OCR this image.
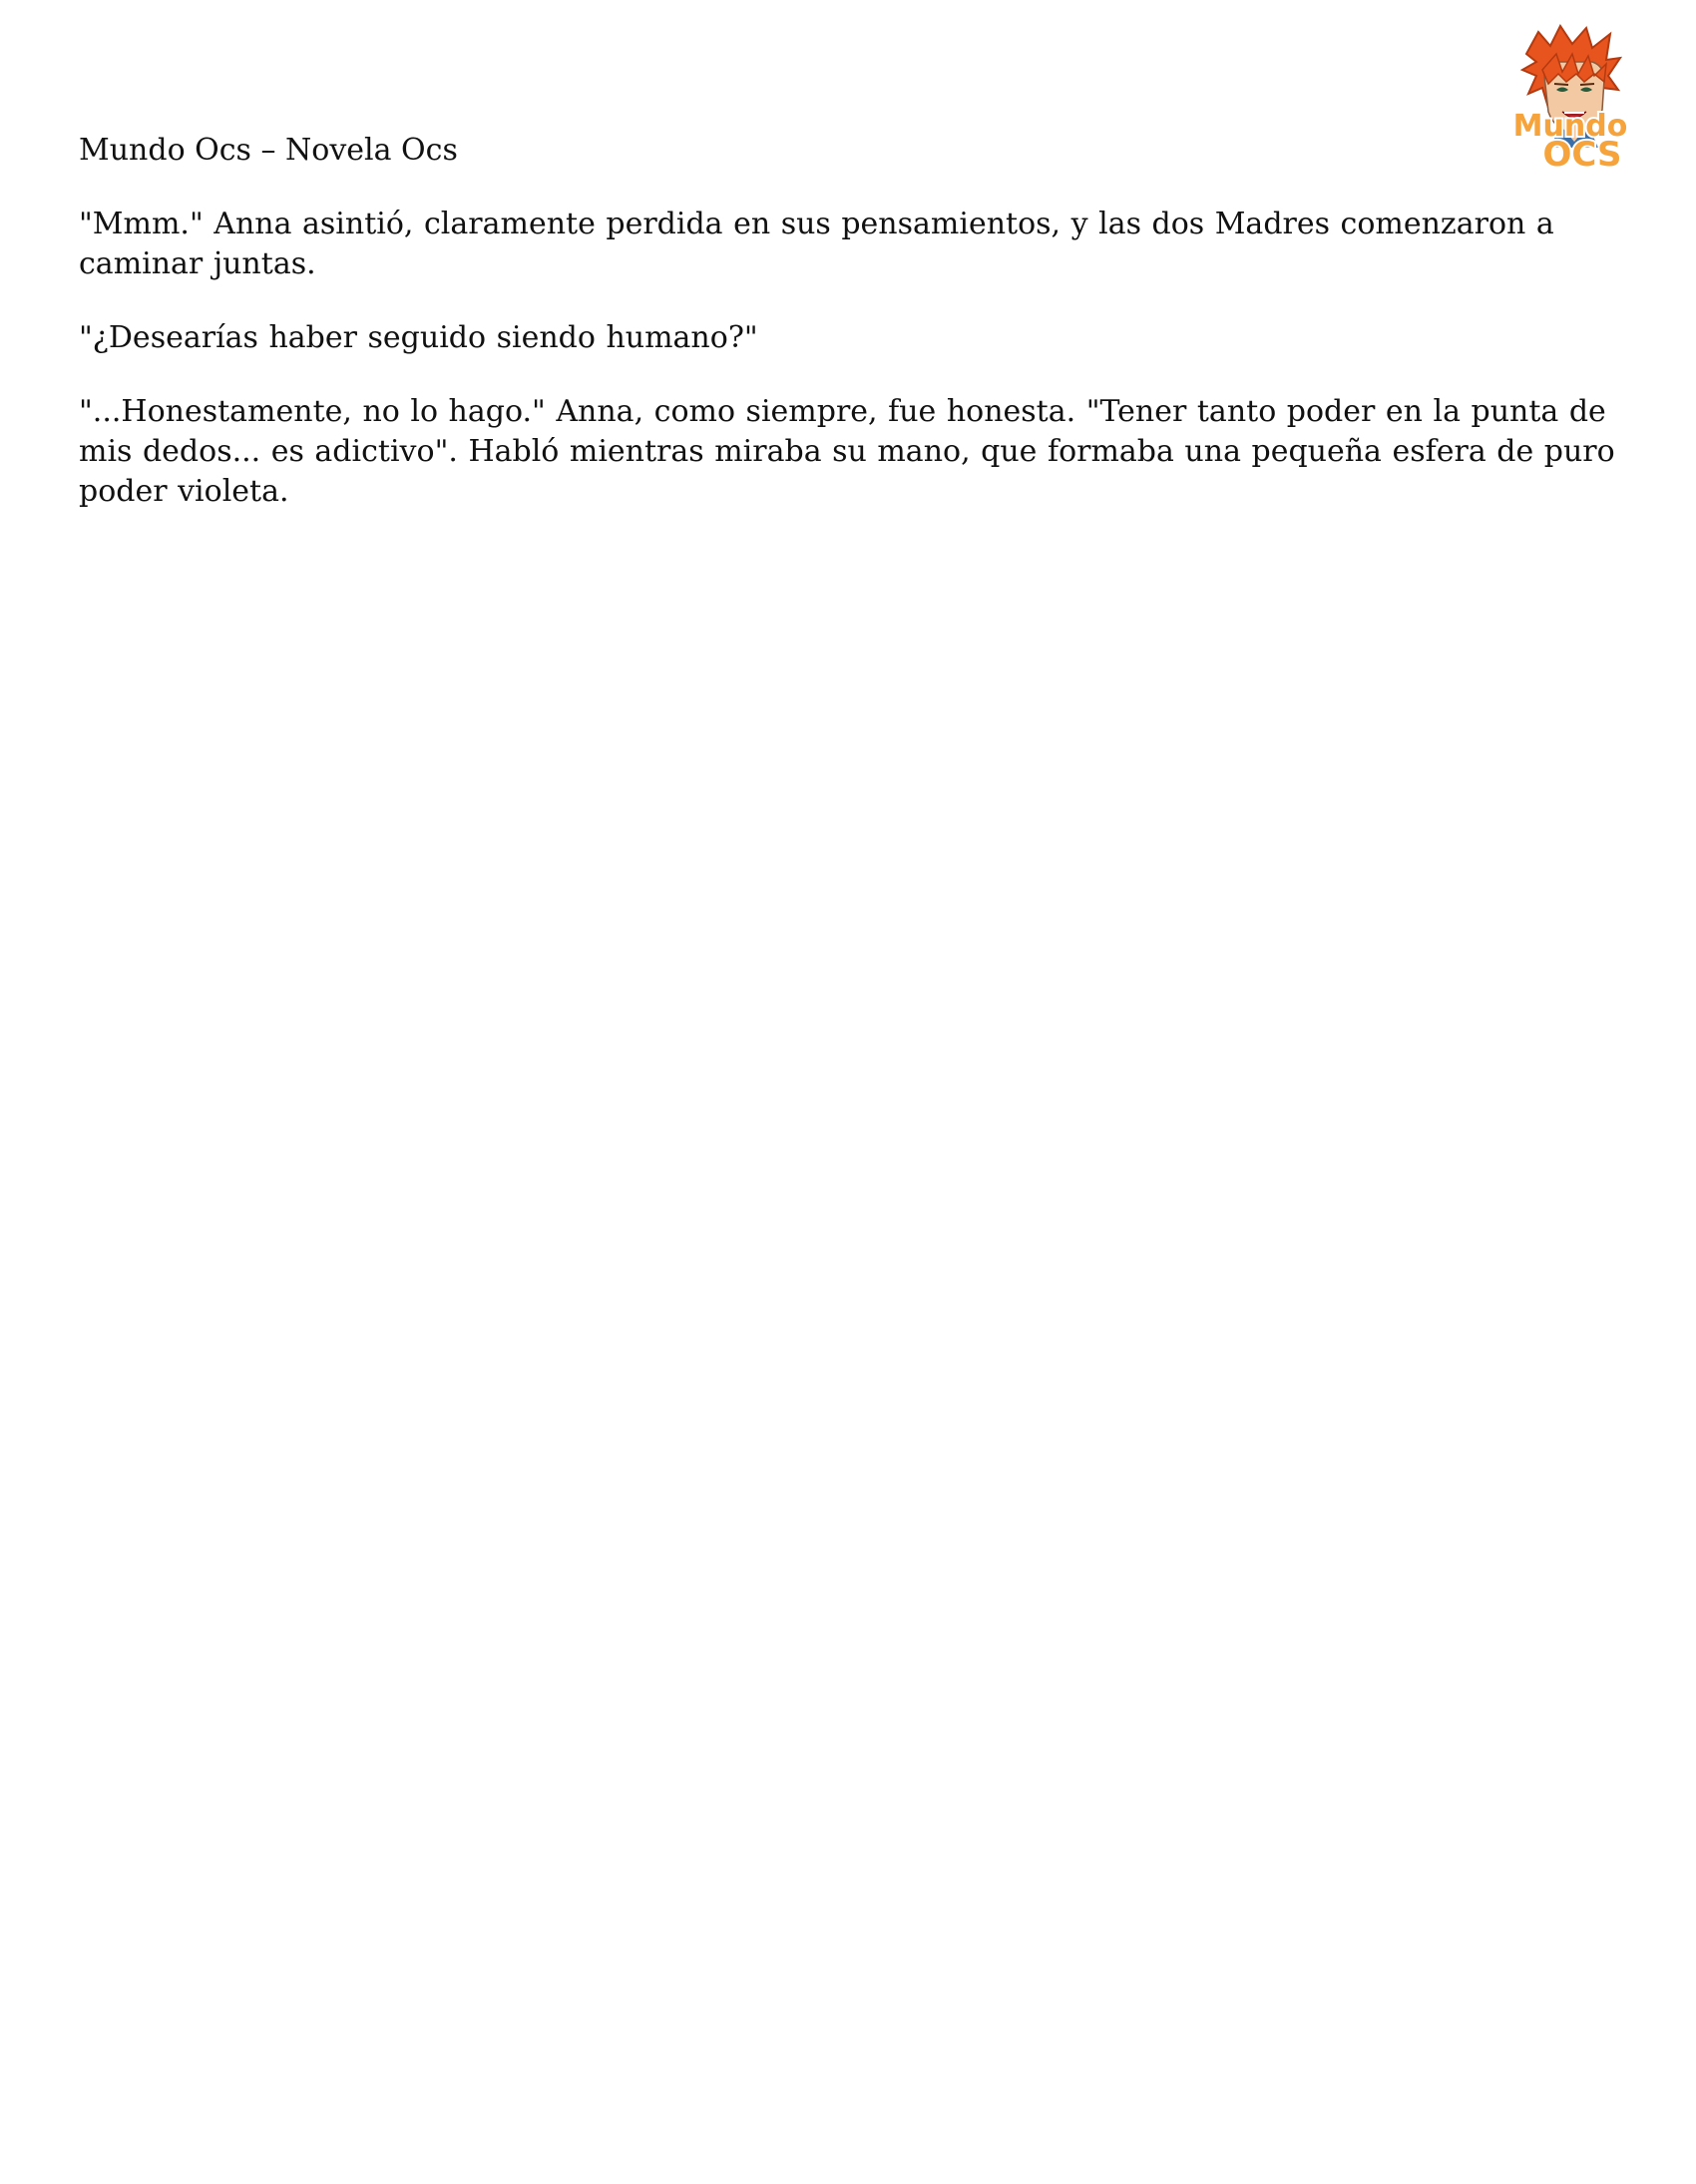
Mundo Ocs – Novela Ocs
Mundo
OCS

"Mmm." Anna asintió, claramente perdida en sus pensamientos, y las dos Madres comenzaron a caminar juntas.

"¿Desearías haber seguido siendo humano?"

"...Honestamente, no lo hago." Anna, como siempre, fue honesta. "Tener tanto poder en la punta de mis dedos... es adictivo". Habló mientras miraba su mano, que formaba una pequeña esfera de puro poder violeta.
